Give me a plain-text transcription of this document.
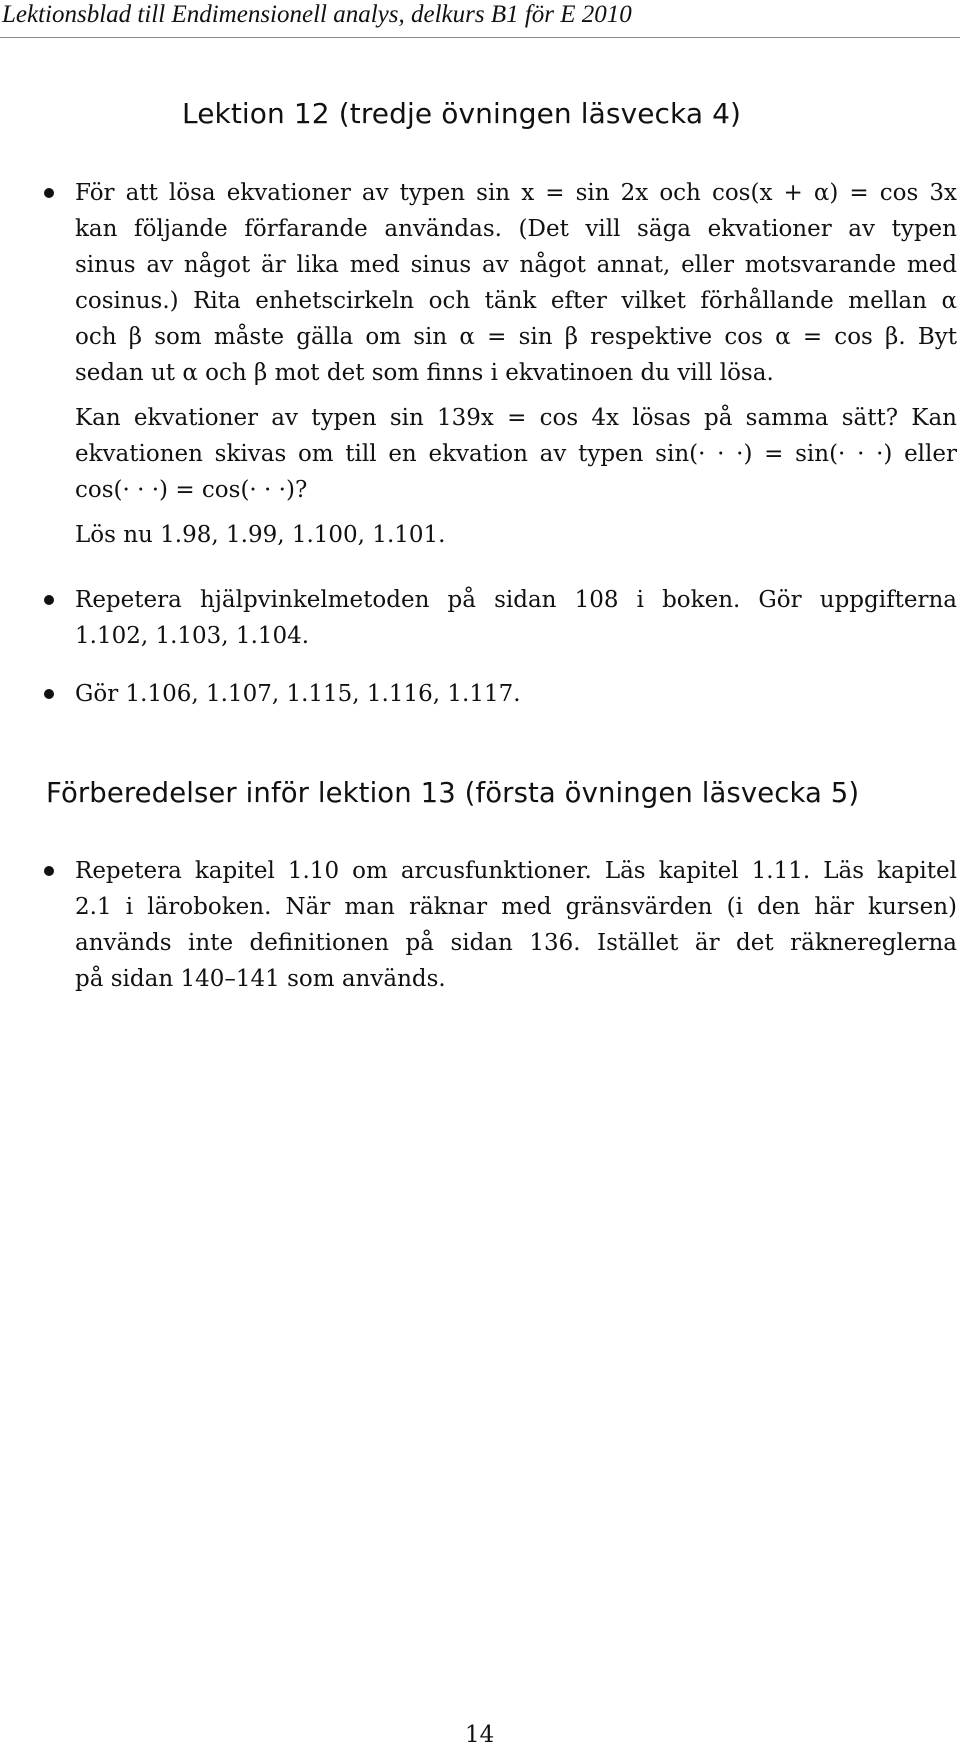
Lektionsblad till Endimensionell analys, delkurs B1 för E 2010
Lektion 12 (tredje övningen läsvecka 4)
För att lösa ekvationer av typen sin x = sin 2x och cos(x + α) = cos 3x
kan följande förfarande användas. (Det vill säga ekvationer av typen
sinus av något är lika med sinus av något annat, eller motsvarande med
cosinus.) Rita enhetscirkeln och tänk efter vilket förhållande mellan α
och β som måste gälla om sin α = sin β respektive cos α = cos β. Byt
sedan ut α och β mot det som finns i ekvatinoen du vill lösa.
Kan ekvationer av typen sin 139x = cos 4x lösas på samma sätt? Kan
ekvationen skivas om till en ekvation av typen sin(· · ·) = sin(· · ·) eller
cos(· · ·) = cos(· · ·)?
Lös nu 1.98, 1.99, 1.100, 1.101.
Repetera hjälpvinkelmetoden på sidan 108 i boken. Gör uppgifterna
1.102, 1.103, 1.104.
Gör 1.106, 1.107, 1.115, 1.116, 1.117.
Förberedelser inför lektion 13 (första övningen läsvecka 5)
Repetera kapitel 1.10 om arcusfunktioner. Läs kapitel 1.11. Läs kapitel
2.1 i läroboken. När man räknar med gränsvärden (i den här kursen)
används inte definitionen på sidan 136. Istället är det räknereglerna
på sidan 140–141 som används.
14
